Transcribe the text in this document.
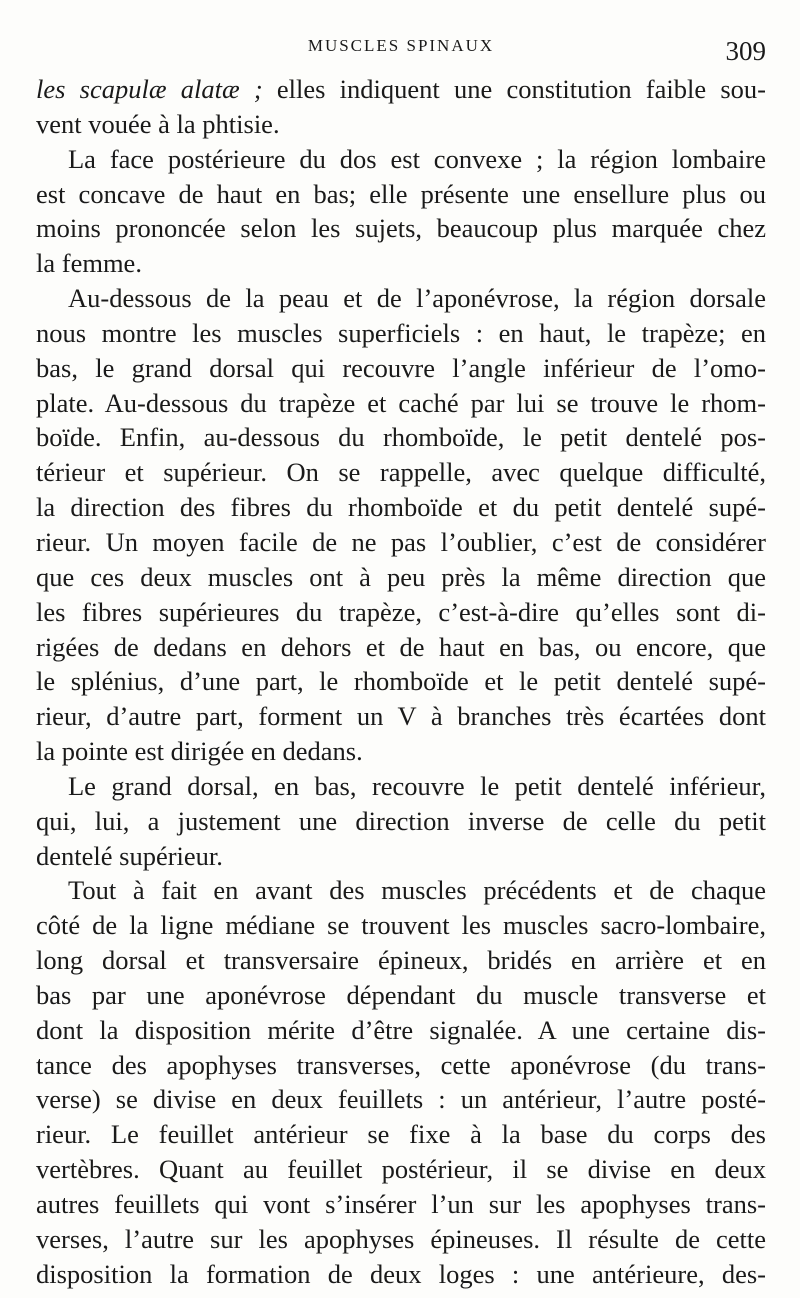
MUSCLES SPINAUX	309
les scapulæ alatæ ; elles indiquent une constitution faible sou-
vent vouée à la phtisie.
La face postérieure du dos est convexe ; la région lombaire
est concave de haut en bas; elle présente une ensellure plus ou
moins prononcée selon les sujets, beaucoup plus marquée chez
la femme.
Au-dessous de la peau et de l’aponévrose, la région dorsale
nous montre les muscles superficiels : en haut, le trapèze; en
bas, le grand dorsal qui recouvre l’angle inférieur de l’omo-
plate. Au-dessous du trapèze et caché par lui se trouve le rhom-
boïde. Enfin, au-dessous du rhomboïde, le petit dentelé pos-
térieur et supérieur. On se rappelle, avec quelque difficulté,
la direction des fibres du rhomboïde et du petit dentelé supé-
rieur. Un moyen facile de ne pas l’oublier, c’est de considérer
que ces deux muscles ont à peu près la même direction que
les fibres supérieures du trapèze, c’est-à-dire qu’elles sont di-
rigées de dedans en dehors et de haut en bas, ou encore, que
le splénius, d’une part, le rhomboïde et le petit dentelé supé-
rieur, d’autre part, forment un V à branches très écartées dont
la pointe est dirigée en dedans.
Le grand dorsal, en bas, recouvre le petit dentelé inférieur,
qui, lui, a justement une direction inverse de celle du petit
dentelé supérieur.
Tout à fait en avant des muscles précédents et de chaque
côté de la ligne médiane se trouvent les muscles sacro-lombaire,
long dorsal et transversaire épineux, bridés en arrière et en
bas par une aponévrose dépendant du muscle transverse et
dont la disposition mérite d’être signalée. A une certaine dis-
tance des apophyses transverses, cette aponévrose (du trans-
verse) se divise en deux feuillets : un antérieur, l’autre posté-
rieur. Le feuillet antérieur se fixe à la base du corps des
vertèbres. Quant au feuillet postérieur, il se divise en deux
autres feuillets qui vont s’insérer l’un sur les apophyses trans-
verses, l’autre sur les apophyses épineuses. Il résulte de cette
disposition la formation de deux loges : une antérieure, des-
